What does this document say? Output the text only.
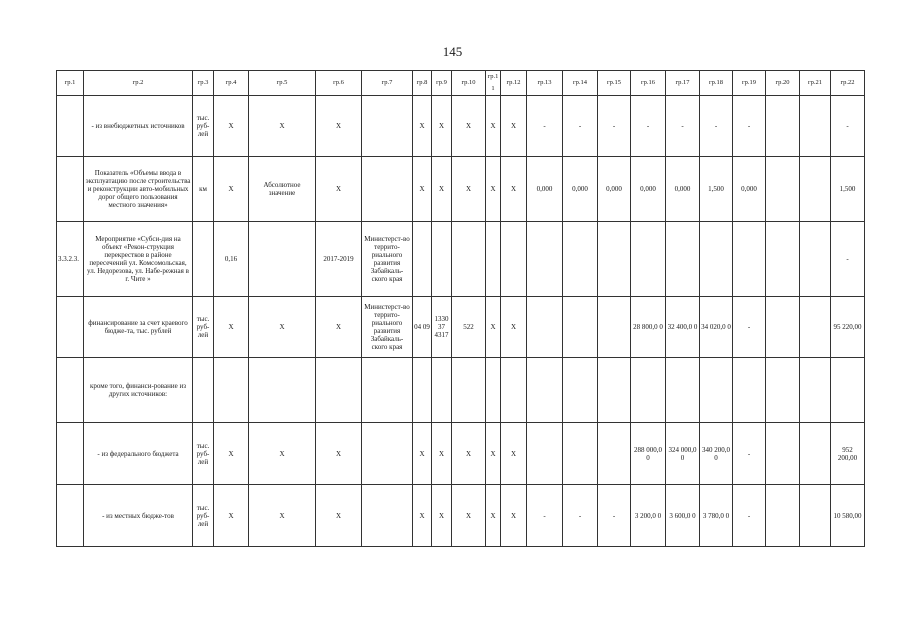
145
гр.1	гр.2	гр.3	гр.4	гр.5	гр.6	гр.7	гр.8	гр.9	гр.10	гр.11	гр.12	гр.13	гр.14	гр.15	гр.16	гр.17	гр.18	гр.19	гр.20	гр.21	гр.22
	- из внебюджетных источников	тыс. руб-лей	X	X	X		X	X	X	X	X	-	-	-	-	-	-	-			-
	Показатель «Объемы ввода в эксплуатацию после строительства и реконструкции авто-мобильных дорог общего пользования местного значения»	км	X	Абсолютное значение	X		X	X	X	X	X	0,000	0,000	0,000	0,000	0,000	1,500	0,000			1,500
3.3.2.3.	Мероприятие «Субси-дия на объект «Рекон-струкция перекрестков в районе пересечений ул. Комсомольская, ул. Недорезова, ул. Набе-режная в г. Чите »		0,16		2017-2019	Министерст-во террито-риального развития Забайкаль-ского края															-
	финансирование за счет краевого бюдже-та, тыс. рублей	тыс. руб-лей	X	X	X	Министерст-во террито-риального развития Забайкаль-ского края	04 09	133037 4317	522	X	X				28 800,0 0	32 400,0 0	34 020,0 0	-			95 220,00
	кроме того, финанси-рование из других источников:																				
	- из федерального бюджета	тыс. руб-лей	X	X	X		X	X	X	X	X				288 000,0 0	324 000,0 0	340 200,0 0	-			952 200,00
	- из местных бюдже-тов	тыс. руб-лей	X	X	X		X	X	X	X	X	-	-	-	3 200,0 0	3 600,0 0	3 780,0 0	-			10 580,00
